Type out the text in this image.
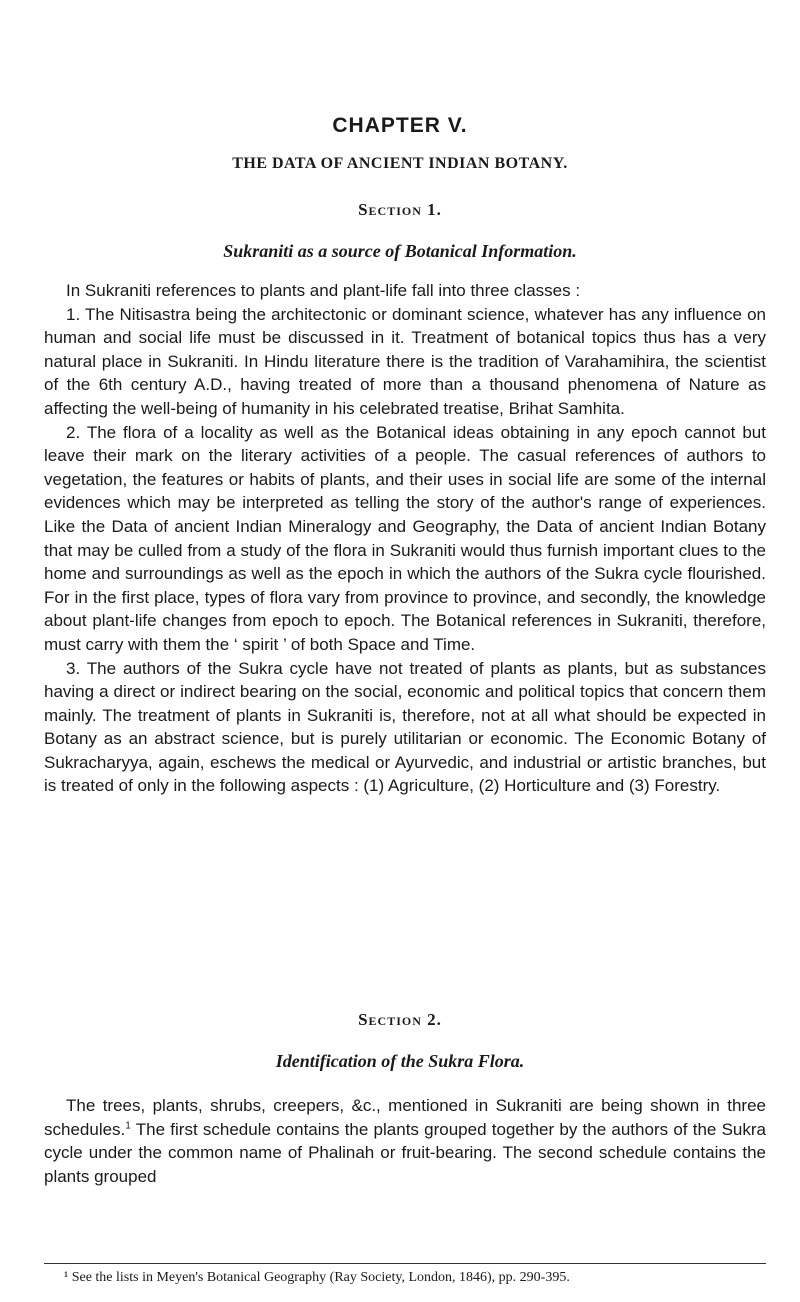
CHAPTER V.
THE DATA OF ANCIENT INDIAN BOTANY.
Section 1.
Sukraniti as a source of Botanical Information.

In Sukraniti references to plants and plant-life fall into three classes :

1. The Nitisastra being the architectonic or dominant science, whatever has any influence on human and social life must be discussed in it. Treatment of botanical topics thus has a very natural place in Sukraniti. In Hindu literature there is the tradition of Varahamihira, the scientist of the 6th century A.D., having treated of more than a thousand phenomena of Nature as affecting the well-being of humanity in his celebrated treatise, Brihat Samhita.

2. The flora of a locality as well as the Botanical ideas obtaining in any epoch cannot but leave their mark on the literary activities of a people. The casual references of authors to vegetation, the features or habits of plants, and their uses in social life are some of the internal evidences which may be interpreted as telling the story of the author's range of experiences. Like the Data of ancient Indian Mineralogy and Geography, the Data of ancient Indian Botany that may be culled from a study of the flora in Sukraniti would thus furnish important clues to the home and surroundings as well as the epoch in which the authors of the Sukra cycle flourished. For in the first place, types of flora vary from province to province, and secondly, the knowledge about plant-life changes from epoch to epoch. The Botanical references in Sukraniti, therefore, must carry with them the ‘ spirit ’ of both Space and Time.

3. The authors of the Sukra cycle have not treated of plants as plants, but as substances having a direct or indirect bearing on the social, economic and political topics that concern them mainly. The treatment of plants in Sukraniti is, therefore, not at all what should be expected in Botany as an abstract science, but is purely utilitarian or economic. The Economic Botany of Sukracharyya, again, eschews the medical or Ayurvedic, and industrial or artistic branches, but is treated of only in the following aspects : (1) Agriculture, (2) Horticulture and (3) Forestry.

Section 2.
Identification of the Sukra Flora.

The trees, plants, shrubs, creepers, &c., mentioned in Sukraniti are being shown in three schedules.$^1$ The first schedule contains the plants grouped together by the authors of the Sukra cycle under the common name of Phalinah or fruit-bearing. The second schedule contains the plants grouped

¹ See the lists in Meyen's Botanical Geography (Ray Society, London, 1846), pp. 290-395.
